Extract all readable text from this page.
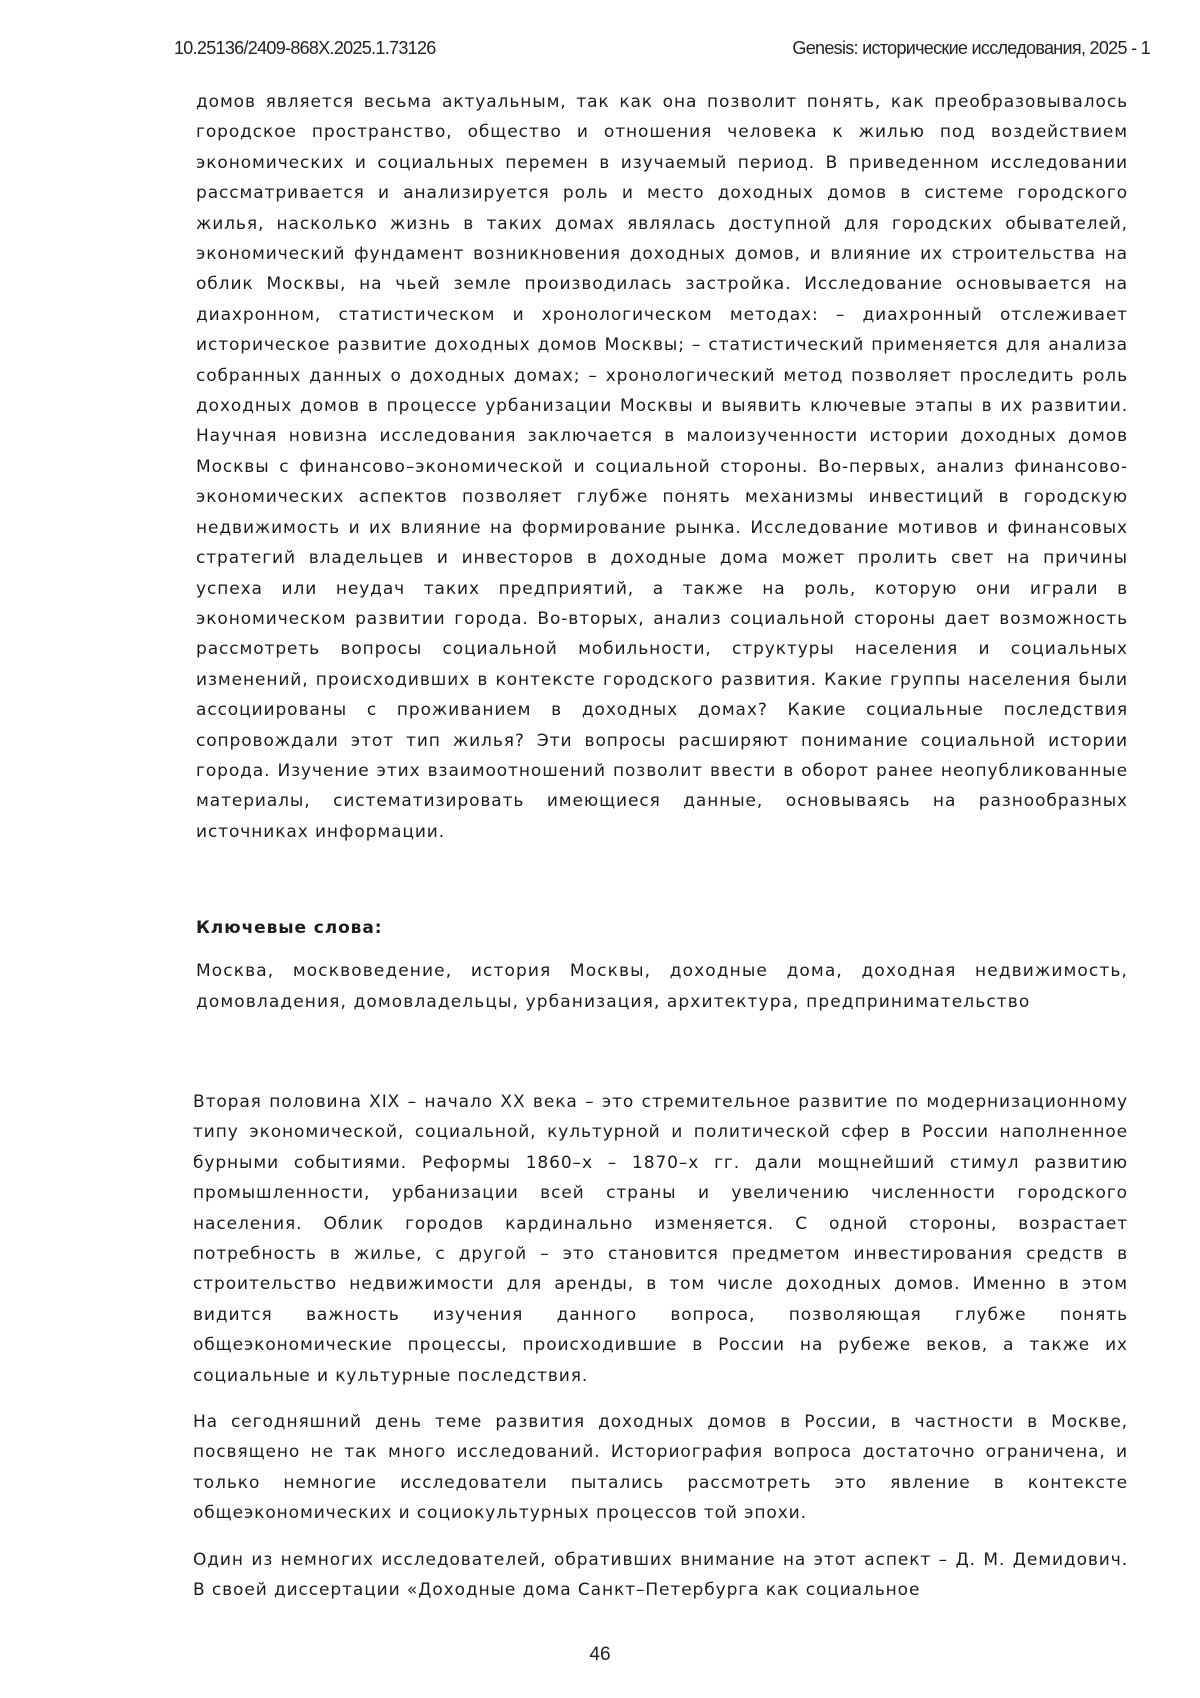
10.25136/2409-868X.2025.1.73126	Genesis: исторические исследования, 2025 - 1

домов является весьма актуальным, так как она позволит понять, как преобразовывалось городское пространство, общество и отношения человека к жилью под воздействием экономических и социальных перемен в изучаемый период. В приведенном исследовании рассматривается и анализируется роль и место доходных домов в системе городского жилья, насколько жизнь в таких домах являлась доступной для городских обывателей, экономический фундамент возникновения доходных домов, и влияние их строительства на облик Москвы, на чьей земле производилась застройка. Исследование основывается на диахронном, статистическом и хронологическом методах: – диахронный отслеживает историческое развитие доходных домов Москвы; – статистический применяется для анализа собранных данных о доходных домах; – хронологический метод позволяет проследить роль доходных домов в процессе урбанизации Москвы и выявить ключевые этапы в их развитии. Научная новизна исследования заключается в малоизученности истории доходных домов Москвы с финансово–экономической и социальной стороны. Во-первых, анализ финансово-экономических аспектов позволяет глубже понять механизмы инвестиций в городскую недвижимость и их влияние на формирование рынка. Исследование мотивов и финансовых стратегий владельцев и инвесторов в доходные дома может пролить свет на причины успеха или неудач таких предприятий, а также на роль, которую они играли в экономическом развитии города. Во-вторых, анализ социальной стороны дает возможность рассмотреть вопросы социальной мобильности, структуры населения и социальных изменений, происходивших в контексте городского развития. Какие группы населения были ассоциированы с проживанием в доходных домах? Какие социальные последствия сопровождали этот тип жилья? Эти вопросы расширяют понимание социальной истории города. Изучение этих взаимоотношений позволит ввести в оборот ранее неопубликованные материалы, систематизировать имеющиеся данные, основываясь на разнообразных источниках информации.

Ключевые слова:

Москва, москвоведение, история Москвы, доходные дома, доходная недвижимость, домовладения, домовладельцы, урбанизация, архитектура, предпринимательство

Вторая половина XIX – начало XX века – это стремительное развитие по модернизационному типу экономической, социальной, культурной и политической сфер в России наполненное бурными событиями. Реформы 1860–х – 1870–х гг. дали мощнейший стимул развитию промышленности, урбанизации всей страны и увеличению численности городского населения. Облик городов кардинально изменяется. С одной стороны, возрастает потребность в жилье, с другой – это становится предметом инвестирования средств в строительство недвижимости для аренды, в том числе доходных домов. Именно в этом видится важность изучения данного вопроса, позволяющая глубже понять общеэкономические процессы, происходившие в России на рубеже веков, а также их социальные и культурные последствия.

На сегодняшний день теме развития доходных домов в России, в частности в Москве, посвящено не так много исследований. Историография вопроса достаточно ограничена, и только немногие исследователи пытались рассмотреть это явление в контексте общеэкономических и социокультурных процессов той эпохи.

Один из немногих исследователей, обративших внимание на этот аспект – Д. М. Демидович. В своей диссертации «Доходные дома Санкт–Петербурга как социальное

46
